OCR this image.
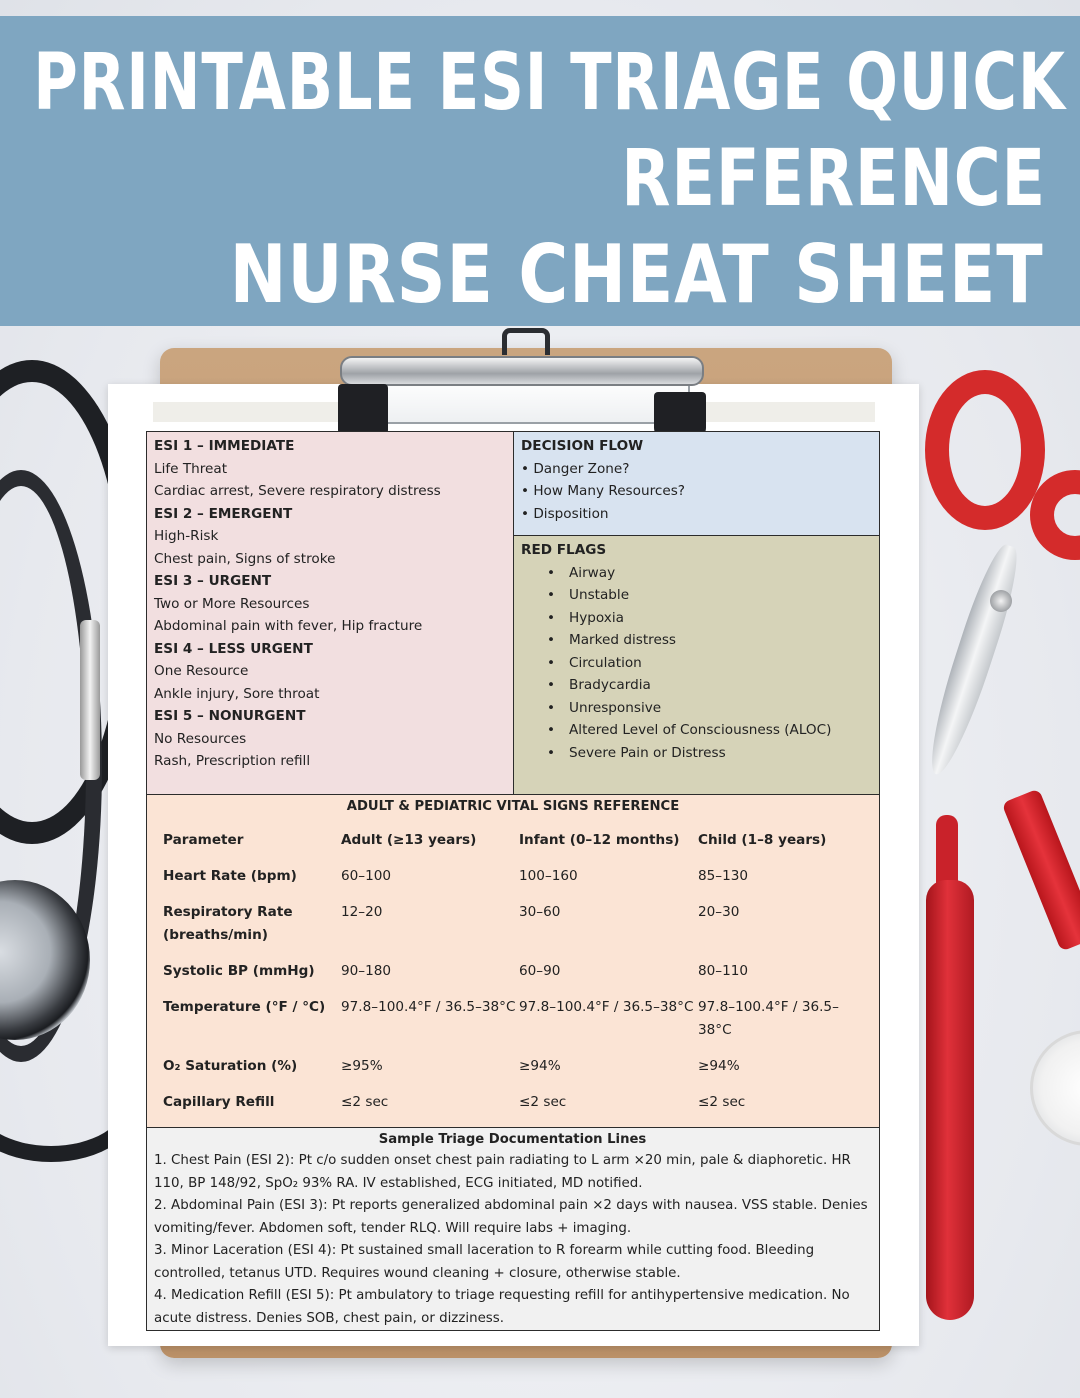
PRINTABLE ESI TRIAGE QUICK
REFERENCE
NURSE CHEAT SHEET

ESI 1 – IMMEDIATE

Life Threat

Cardiac arrest, Severe respiratory distress

ESI 2 – EMERGENT

High-Risk

Chest pain, Signs of stroke

ESI 3 – URGENT

Two or More Resources

Abdominal pain with fever, Hip fracture

ESI 4 – LESS URGENT

One Resource

Ankle injury, Sore throat

ESI 5 – NONURGENT

No Resources

Rash, Prescription refill

DECISION FLOW

• Danger Zone?

• How Many Resources?

• Disposition

RED FLAGS

• Airway
• Unstable
• Hypoxia
• Marked distress
• Circulation
• Bradycardia
• Unresponsive
• Altered Level of Consciousness (ALOC)
• Severe Pain or Distress
ADULT & PEDIATRIC VITAL SIGNS REFERENCE
Parameter	Adult (≥13 years)	Infant (0–12 months)	Child (1–8 years)
Heart Rate (bpm)	60–100	100–160	85–130
Respiratory Rate (breaths/min)	12–20	30–60	20–30
Systolic BP (mmHg)	90–180	60–90	80–110
Temperature (°F / °C)	97.8–100.4°F / 36.5–38°C	97.8–100.4°F / 36.5–38°C	97.8–100.4°F / 36.5–38°C
O₂ Saturation (%)	≥95%	≥94%	≥94%
Capillary Refill	≤2 sec	≤2 sec	≤2 sec
Sample Triage Documentation Lines

1. Chest Pain (ESI 2): Pt c/o sudden onset chest pain radiating to L arm ×20 min, pale & diaphoretic. HR 110, BP 148/92, SpO₂ 93% RA. IV established, ECG initiated, MD notified.

2. Abdominal Pain (ESI 3): Pt reports generalized abdominal pain ×2 days with nausea. VSS stable. Denies vomiting/fever. Abdomen soft, tender RLQ. Will require labs + imaging.

3. Minor Laceration (ESI 4): Pt sustained small laceration to R forearm while cutting food. Bleeding controlled, tetanus UTD. Requires wound cleaning + closure, otherwise stable.

4. Medication Refill (ESI 5): Pt ambulatory to triage requesting refill for antihypertensive medication. No acute distress. Denies SOB, chest pain, or dizziness.
